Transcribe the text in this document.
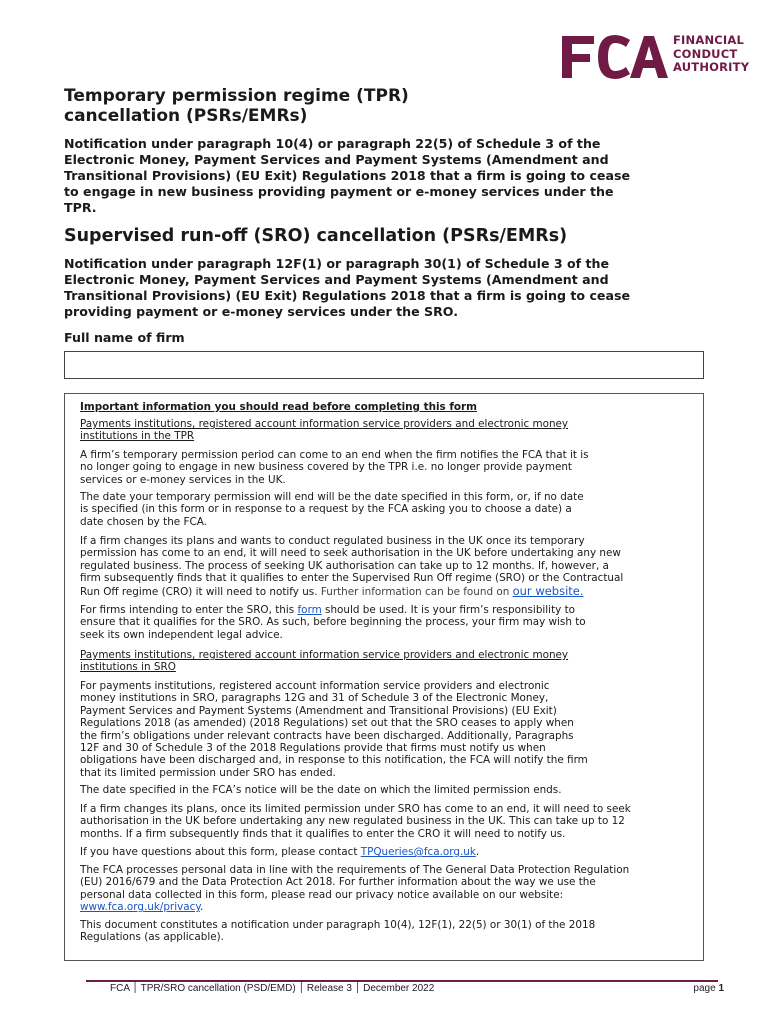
FINANCIAL
CONDUCT
AUTHORITY
Temporary permission regime (TPR)
cancellation (PSRs/EMRs)
Notification under paragraph 10(4) or paragraph 22(5) of Schedule 3 of the
Electronic Money, Payment Services and Payment Systems (Amendment and
Transitional Provisions) (EU Exit) Regulations 2018 that a firm is going to cease
to engage in new business providing payment or e-money services under the
TPR.
Supervised run-off (SRO) cancellation (PSRs/EMRs)
Notification under paragraph 12F(1) or paragraph 30(1) of Schedule 3 of the
Electronic Money, Payment Services and Payment Systems (Amendment and
Transitional Provisions) (EU Exit) Regulations 2018 that a firm is going to cease
providing payment or e-money services under the SRO.
Full name of firm
Important information you should read before completing this form
Payments institutions, registered account information service providers and electronic money
institutions in the TPR
A firm’s temporary permission period can come to an end when the firm notifies the FCA that it is
no longer going to engage in new business covered by the TPR i.e. no longer provide payment
services or e-money services in the UK.
The date your temporary permission will end will be the date specified in this form, or, if no date
is specified (in this form or in response to a request by the FCA asking you to choose a date) a
date chosen by the FCA.
If a firm changes its plans and wants to conduct regulated business in the UK once its temporary
permission has come to an end, it will need to seek authorisation in the UK before undertaking any new
regulated business. The process of seeking UK authorisation can take up to 12 months. If, however, a
firm subsequently finds that it qualifies to enter the Supervised Run Off regime (SRO) or the Contractual
Run Off regime (CRO) it will need to notify us. Further information can be found on our website.
For firms intending to enter the SRO, this form should be used. It is your firm’s responsibility to
ensure that it qualifies for the SRO. As such, before beginning the process, your firm may wish to
seek its own independent legal advice.
Payments institutions, registered account information service providers and electronic money
institutions in SRO
For payments institutions, registered account information service providers and electronic
money institutions in SRO, paragraphs 12G and 31 of Schedule 3 of the Electronic Money,
Payment Services and Payment Systems (Amendment and Transitional Provisions) (EU Exit)
Regulations 2018 (as amended) (2018 Regulations) set out that the SRO ceases to apply when
the firm’s obligations under relevant contracts have been discharged. Additionally, Paragraphs
12F and 30 of Schedule 3 of the 2018 Regulations provide that firms must notify us when
obligations have been discharged and, in response to this notification, the FCA will notify the firm
that its limited permission under SRO has ended.
The date specified in the FCA’s notice will be the date on which the limited permission ends.
If a firm changes its plans, once its limited permission under SRO has come to an end, it will need to seek
authorisation in the UK before undertaking any new regulated business in the UK. This can take up to 12
months. If a firm subsequently finds that it qualifies to enter the CRO it will need to notify us.
If you have questions about this form, please contact TPQueries@fca.org.uk.
The FCA processes personal data in line with the requirements of The General Data Protection Regulation
(EU) 2016/679 and the Data Protection Act 2018. For further information about the way we use the
personal data collected in this form, please read our privacy notice available on our website:
www.fca.org.uk/privacy.
This document constitutes a notification under paragraph 10(4), 12F(1), 22(5) or 30(1) of the 2018
Regulations (as applicable).
FCA ׀ TPR/SRO cancellation (PSD/EMD) ׀ Release 3 ׀ December 2022	page 1
